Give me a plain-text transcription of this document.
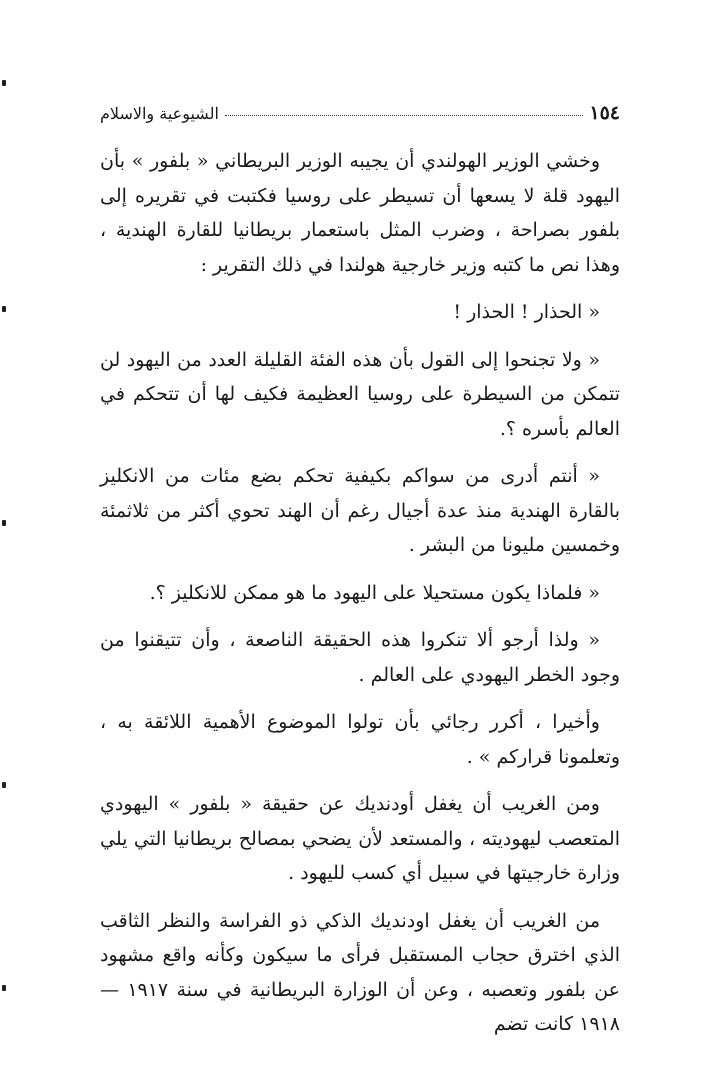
١٥٤
الشيوعية والاسلام

وخشي الوزير الهولندي أن يجيبه الوزير البريطاني « بلفور » بأن اليهود قلة لا يسعها أن تسيطر على روسيا فكتبت في تقريره إلى بلفور بصراحة ، وضرب المثل باستعمار بريطانيا للقارة الهندية ، وهذا نص ما كتبه وزير خارجية هولندا في ذلك التقرير :

« الحذار ! الحذار !

« ولا تجنحوا إلى القول بأن هذه الفئة القليلة العدد من اليهود لن تتمكن من السيطرة على روسيا العظيمة فكيف لها أن تتحكم في العالم بأسره ؟.

« أنتم أدرى من سواكم بكيفية تحكم بضع مئات من الانكليز بالقارة الهندية منذ عدة أجيال رغم أن الهند تحوي أكثر من ثلاثمئة وخمسين مليونا من البشر .

« فلماذا يكون مستحيلا على اليهود ما هو ممكن للانكليز ؟.

« ولذا أرجو ألا تنكروا هذه الحقيقة الناصعة ، وأن تتيقنوا من وجود الخطر اليهودي على العالم .

وأخيرا ، أكرر رجائي بأن تولوا الموضوع الأهمية اللائقة به ، وتعلمونا قراركم » .

ومن الغريب أن يغفل أودنديك عن حقيقة « بلفور » اليهودي المتعصب ليهوديته ، والمستعد لأن يضحي بمصالح بريطانيا التي يلي وزارة خارجيتها في سبيل أي كسب لليهود .

من الغريب أن يغفل اودنديك الذكي ذو الفراسة والنظر الثاقب الذي اخترق حجاب المستقبل فرأى ما سيكون وكأنه واقع مشهود عن بلفور وتعصبه ، وعن أن الوزارة البريطانية في سنة ١٩١٧ — ١٩١٨ كانت تضم
